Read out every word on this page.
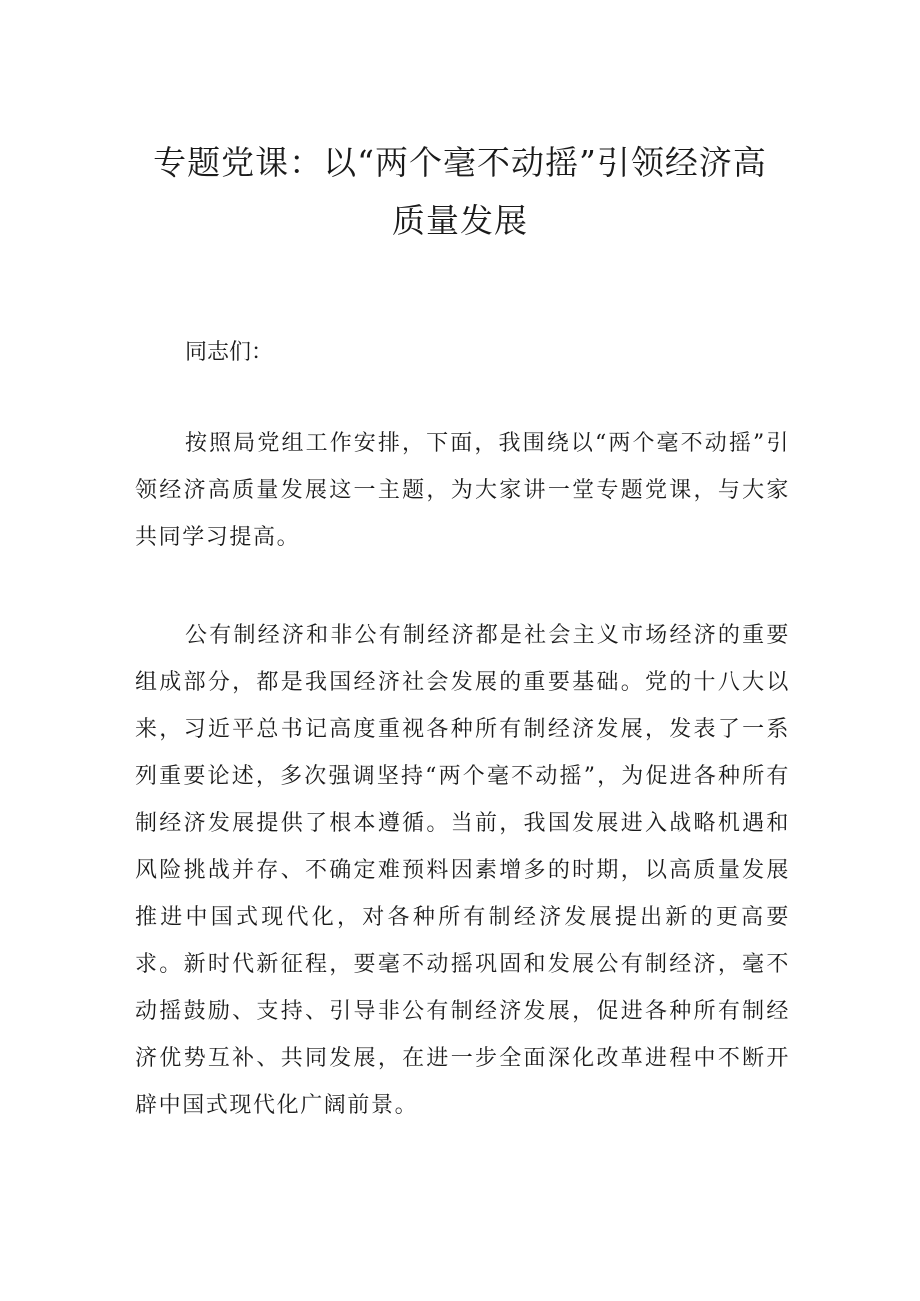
专题党课：以“两个毫不动摇”引领经济高
质量发展

同志们：

按照局党组工作安排，下面，我围绕以“两个毫不动摇”引领经济高质量发展这一主题，为大家讲一堂专题党课，与大家共同学习提高。

公有制经济和非公有制经济都是社会主义市场经济的重要组成部分，都是我国经济社会发展的重要基础。党的十八大以来，习近平总书记高度重视各种所有制经济发展，发表了一系列重要论述，多次强调坚持“两个毫不动摇”，为促进各种所有制经济发展提供了根本遵循。当前，我国发展进入战略机遇和风险挑战并存、不确定难预料因素增多的时期，以高质量发展推进中国式现代化，对各种所有制经济发展提出新的更高要求。新时代新征程，要毫不动摇巩固和发展公有制经济，毫不动摇鼓励、支持、引导非公有制经济发展，促进各种所有制经济优势互补、共同发展，在进一步全面深化改革进程中不断开辟中国式现代化广阔前景。
